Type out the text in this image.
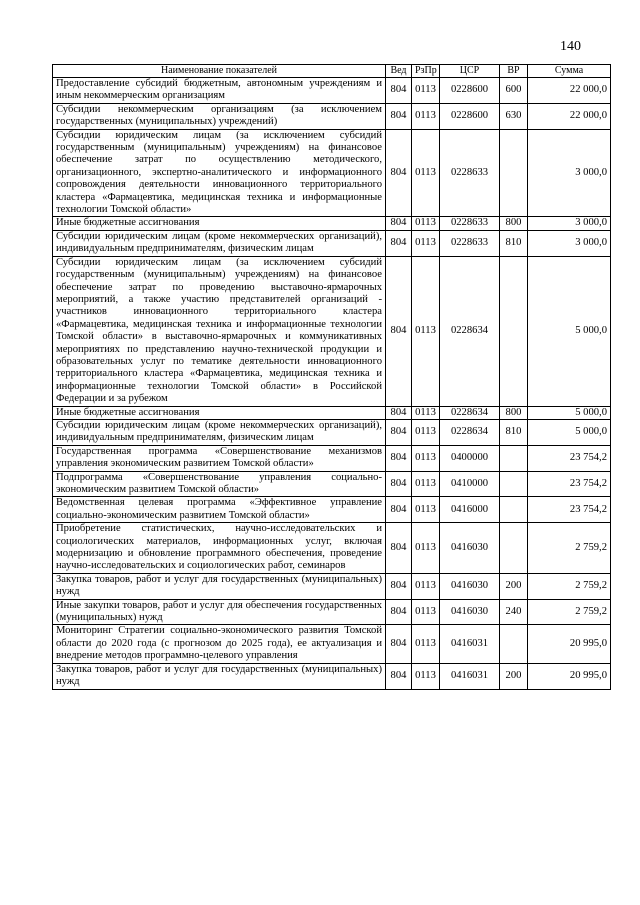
140
Наименование показателей	Вед	РзПр	ЦСР	ВР	Сумма
Предоставление субсидий бюджетным, автономным учреждениям и иным некоммерческим организациям	804	0113	0228600	600	22 000,0
Субсидии некоммерческим организациям (за исключением государственных (муниципальных) учреждений)	804	0113	0228600	630	22 000,0
Субсидии юридическим лицам (за исключением субсидий государственным (муниципальным) учреждениям) на финансовое обеспечение затрат по осуществлению методического, организационного, экспертно-аналитического и информационного сопровождения деятельности инновационного территориального кластера «Фармацевтика, медицинская техника и информационные технологии Томской области»	804	0113	0228633		3 000,0
Иные бюджетные ассигнования	804	0113	0228633	800	3 000,0
Субсидии юридическим лицам (кроме некоммерческих организаций), индивидуальным предпринимателям, физическим лицам	804	0113	0228633	810	3 000,0
Субсидии юридическим лицам (за исключением субсидий государственным (муниципальным) учреждениям) на финансовое обеспечение затрат по проведению выставочно-ярмарочных мероприятий, а также участию представителей организаций - участников инновационного территориального кластера «Фармацевтика, медицинская техника и информационные технологии Томской области» в выставочно-ярмарочных и коммуникативных мероприятиях по представлению научно-технической продукции и образовательных услуг по тематике деятельности инновационного территориального кластера «Фармацевтика, медицинская техника и информационные технологии Томской области» в Российской Федерации и за рубежом	804	0113	0228634		5 000,0
Иные бюджетные ассигнования	804	0113	0228634	800	5 000,0
Субсидии юридическим лицам (кроме некоммерческих организаций), индивидуальным предпринимателям, физическим лицам	804	0113	0228634	810	5 000,0
Государственная программа «Совершенствование механизмов управления экономическим развитием Томской области»	804	0113	0400000		23 754,2
Подпрограмма «Совершенствование управления социально-экономическим развитием Томской области»	804	0113	0410000		23 754,2
Ведомственная целевая программа «Эффективное управление социально-экономическим развитием Томской области»	804	0113	0416000		23 754,2
Приобретение статистических, научно-исследовательских и социологических материалов, информационных услуг, включая модернизацию и обновление программного обеспечения, проведение научно-исследовательских и социологических работ, семинаров	804	0113	0416030		2 759,2
Закупка товаров, работ и услуг для государственных (муниципальных) нужд	804	0113	0416030	200	2 759,2
Иные закупки товаров, работ и услуг для обеспечения государственных (муниципальных) нужд	804	0113	0416030	240	2 759,2
Мониторинг Стратегии социально-экономического развития Томской области до 2020 года (с прогнозом до 2025 года), ее актуализация и внедрение методов программно-целевого управления	804	0113	0416031		20 995,0
Закупка товаров, работ и услуг для государственных (муниципальных) нужд	804	0113	0416031	200	20 995,0
